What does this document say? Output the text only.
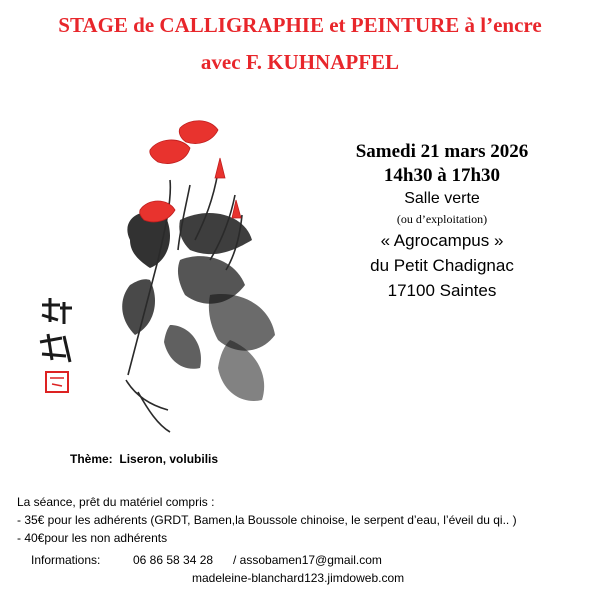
STAGE de CALLIGRAPHIE et PEINTURE à l’encre
avec F. KUHNAPFEL
Samedi 21 mars 2026
14h30 à 17h30
Salle verte
(ou d’exploitation)
« Agrocampus »
du Petit Chadignac
17100 Saintes
Thème: Liseron, volubilis
La séance, prêt du matériel compris :
- 35€ pour les adhérents (GRDT, Bamen,la Boussole chinoise, le serpent d’eau, l’éveil du qi.. )
- 40€pour les non adhérents
Informations:	06 86 58 34 28 / assobamen17@gmail.com
madeleine-blanchard123.jimdoweb.com
